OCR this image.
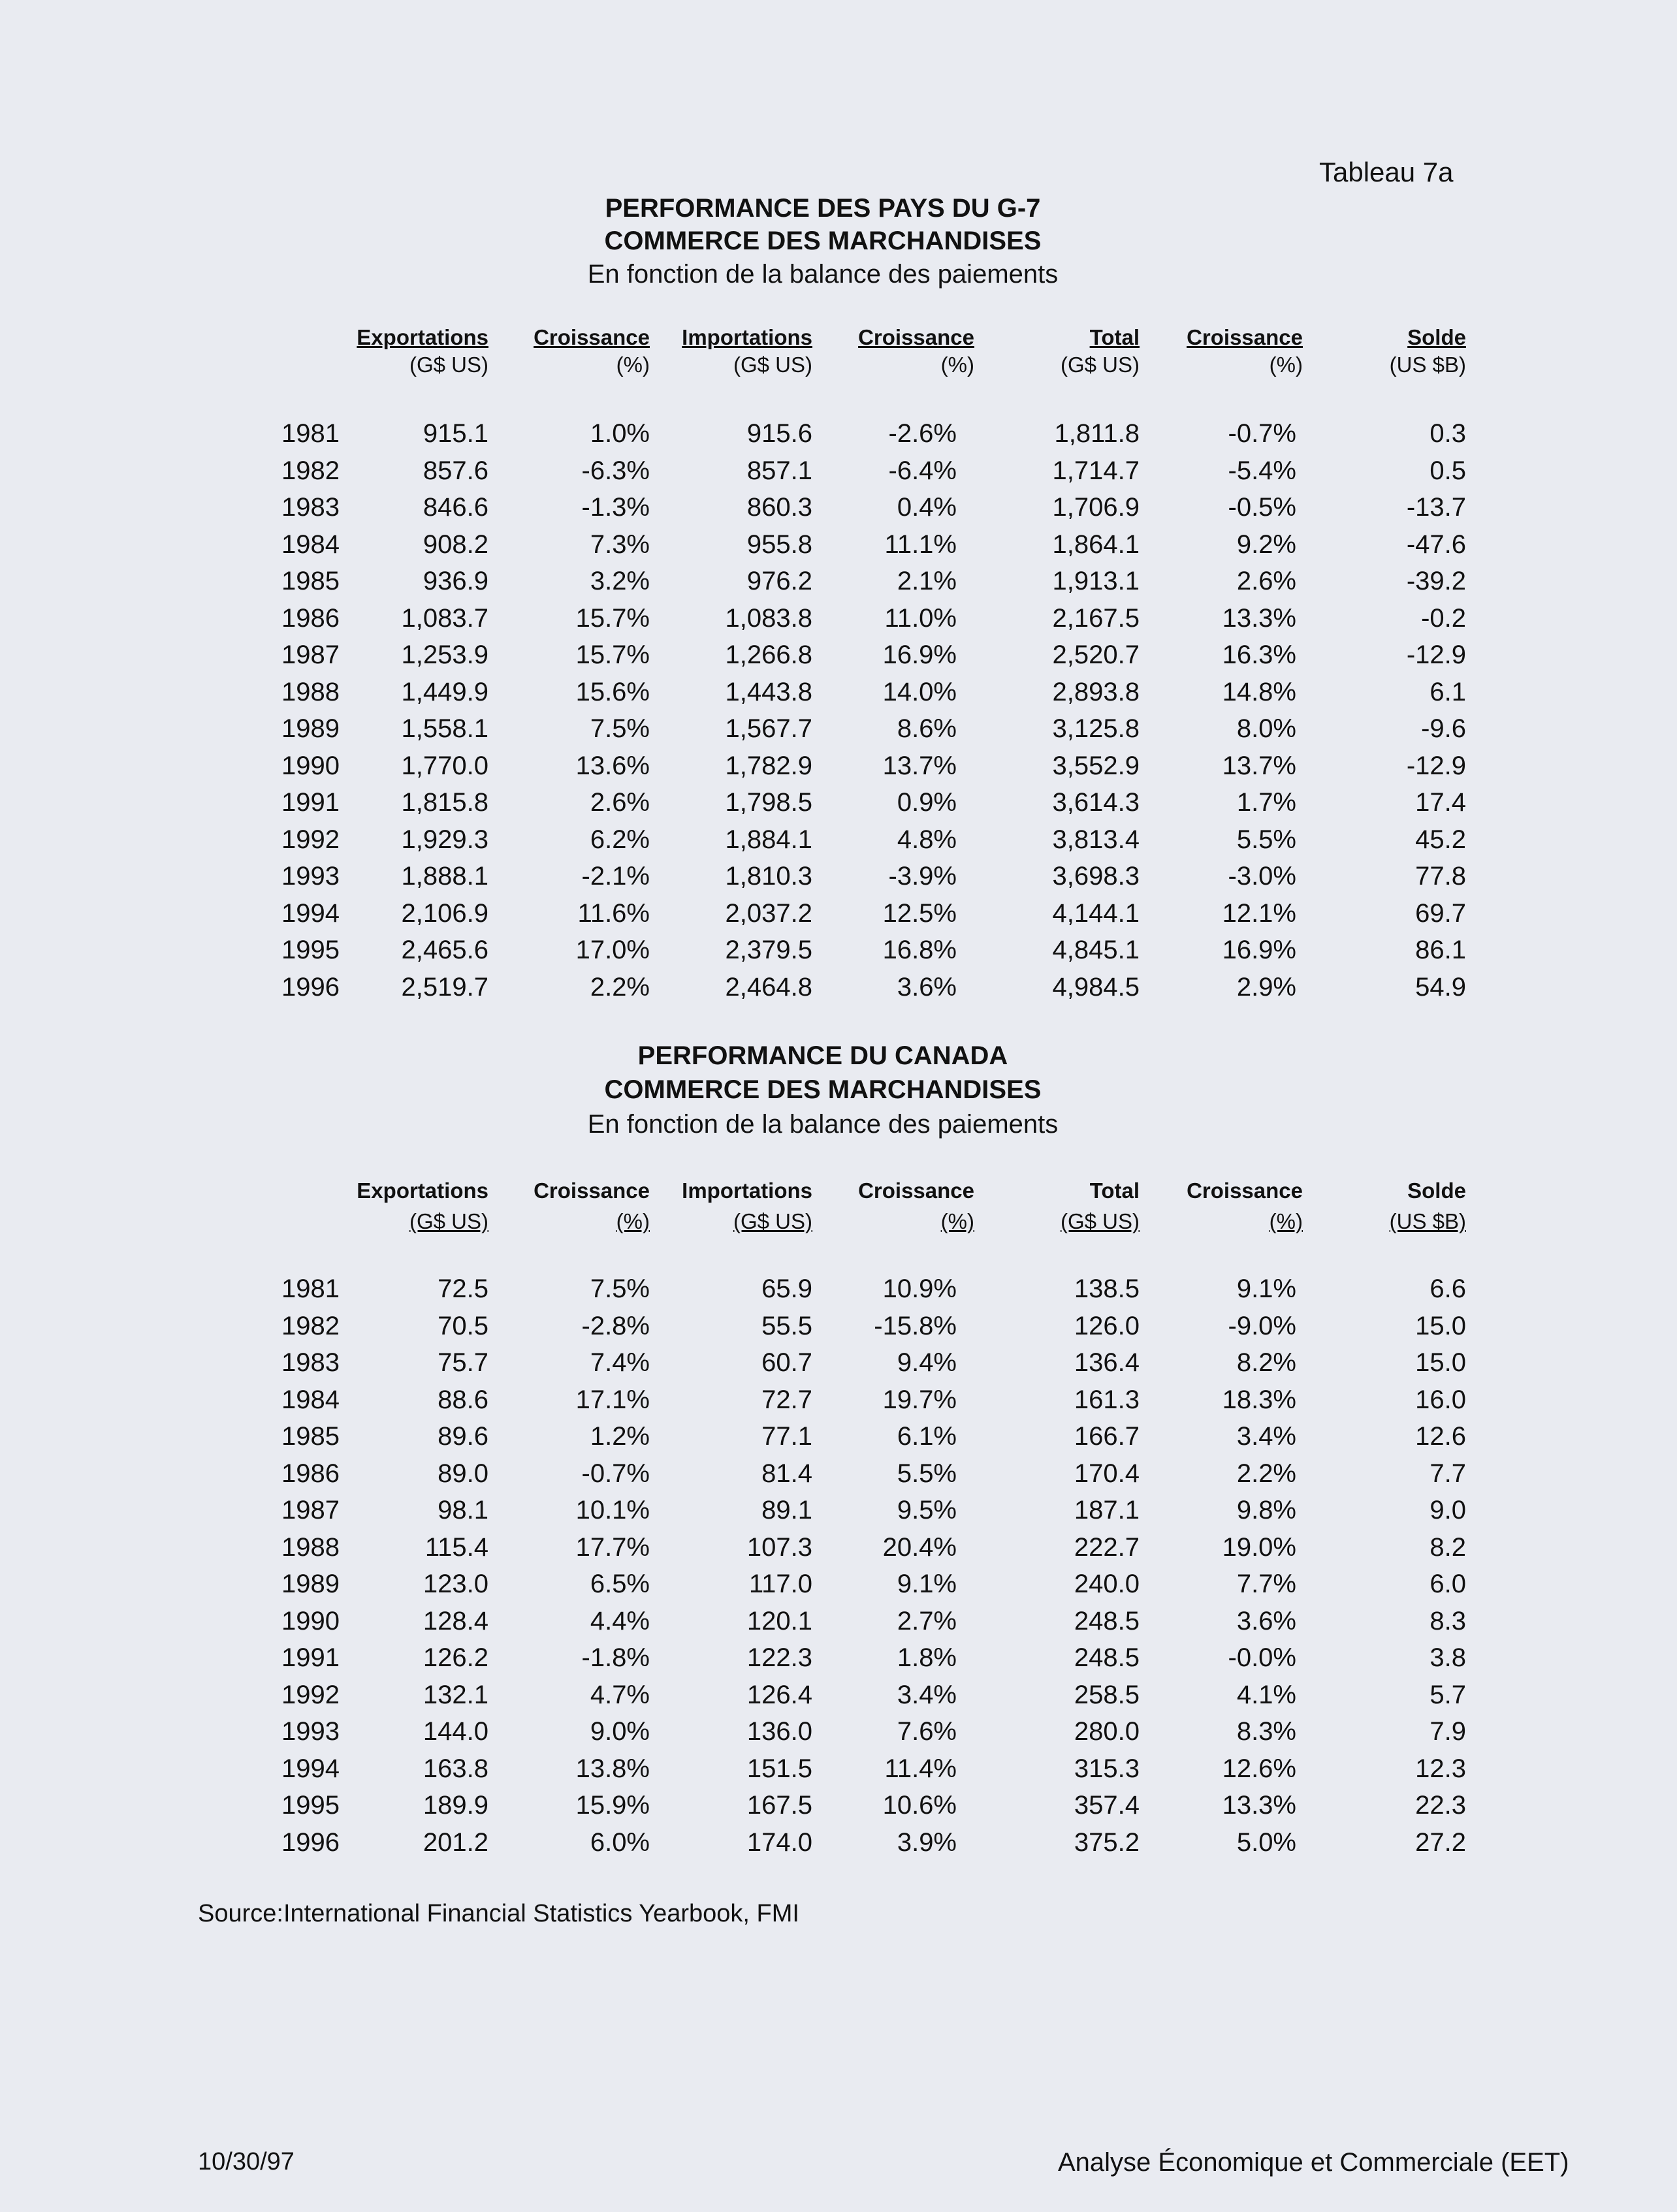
Tableau 7a
PERFORMANCE DES PAYS DU G-7
COMMERCE DES MARCHANDISES
En fonction de la balance des paiements
Exportations Croissance Importations Croissance	Total Croissance	Solde
(G$ US)	(%)	(G$ US)	(%)	(G$ US)	(%)	(US $B)
1981	915.1	1.0%	915.6	-2.6%	1,811.8	-0.7%	0.3
1982	857.6	-6.3%	857.1	-6.4%	1,714.7	-5.4%	0.5
1983	846.6	-1.3%	860.3	0.4%	1,706.9	-0.5%	-13.7
1984	908.2	7.3%	955.8	11.1%	1,864.1	9.2%	-47.6
1985	936.9	3.2%	976.2	2.1%	1,913.1	2.6%	-39.2
1986 1,083.7	15.7%	1,083.8	11.0%	2,167.5	13.3%	-0.2
1987 1,253.9	15.7%	1,266.8	16.9%	2,520.7	16.3%	-12.9
1988 1,449.9	15.6%	1,443.8	14.0%	2,893.8	14.8%	6.1
1989 1,558.1	7.5%	1,567.7	8.6%	3,125.8	8.0%	-9.6
1990 1,770.0	13.6%	1,782.9	13.7%	3,552.9	13.7%	-12.9
1991 1,815.8	2.6%	1,798.5	0.9%	3,614.3	1.7%	17.4
1992 1,929.3	6.2%	1,884.1	4.8%	3,813.4	5.5%	45.2
1993 1,888.1	-2.1%	1,810.3	-3.9%	3,698.3	-3.0%	77.8
1994 2,106.9	11.6%	2,037.2	12.5%	4,144.1	12.1%	69.7
1995 2,465.6	17.0%	2,379.5	16.8%	4,845.1	16.9%	86.1
1996 2,519.7	2.2%	2,464.8	3.6%	4,984.5	2.9%	54.9
PERFORMANCE DU CANADA
COMMERCE DES MARCHANDISES
En fonction de la balance des paiements
Exportations Croissance Importations Croissance	Total Croissance	Solde
(G$ US)	(%)	(G$ US)	(%)	(G$ US)	(%)	(US $B)
1981	72.5	7.5%	65.9	10.9%	138.5	9.1%	6.6
1982	70.5	-2.8%	55.5 -15.8%	126.0	-9.0%	15.0
1983	75.7	7.4%	60.7	9.4%	136.4	8.2%	15.0
1984	88.6	17.1%	72.7	19.7%	161.3	18.3%	16.0
1985	89.6	1.2%	77.1	6.1%	166.7	3.4%	12.6
1986	89.0	-0.7%	81.4	5.5%	170.4	2.2%	7.7
1987	98.1	10.1%	89.1	9.5%	187.1	9.8%	9.0
1988	115.4	17.7%	107.3	20.4%	222.7	19.0%	8.2
1989	123.0	6.5%	117.0	9.1%	240.0	7.7%	6.0
1990	128.4	4.4%	120.1	2.7%	248.5	3.6%	8.3
1991	126.2	-1.8%	122.3	1.8%	248.5	-0.0%	3.8
1992	132.1	4.7%	126.4	3.4%	258.5	4.1%	5.7
1993	144.0	9.0%	136.0	7.6%	280.0	8.3%	7.9
1994	163.8	13.8%	151.5	11.4%	315.3	12.6%	12.3
1995	189.9	15.9%	167.5	10.6%	357.4	13.3%	22.3
1996	201.2	6.0%	174.0	3.9%	375.2	5.0%	27.2
Source:International Financial Statistics Yearbook, FMI
10/30/97	Analyse Économique et Commerciale (EET)
